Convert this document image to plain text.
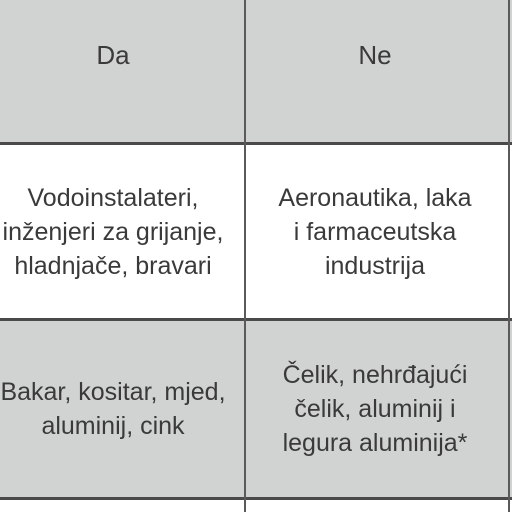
Da	Ne
Vodoinstalateri,
inženjeri za grijanje,
hladnjače, bravari
Aeronautika, laka
i farmaceutska
industrija
Bakar, kositar, mjed,
aluminij, cink
Čelik, nehrđajući
čelik, aluminij i
legura aluminija*
